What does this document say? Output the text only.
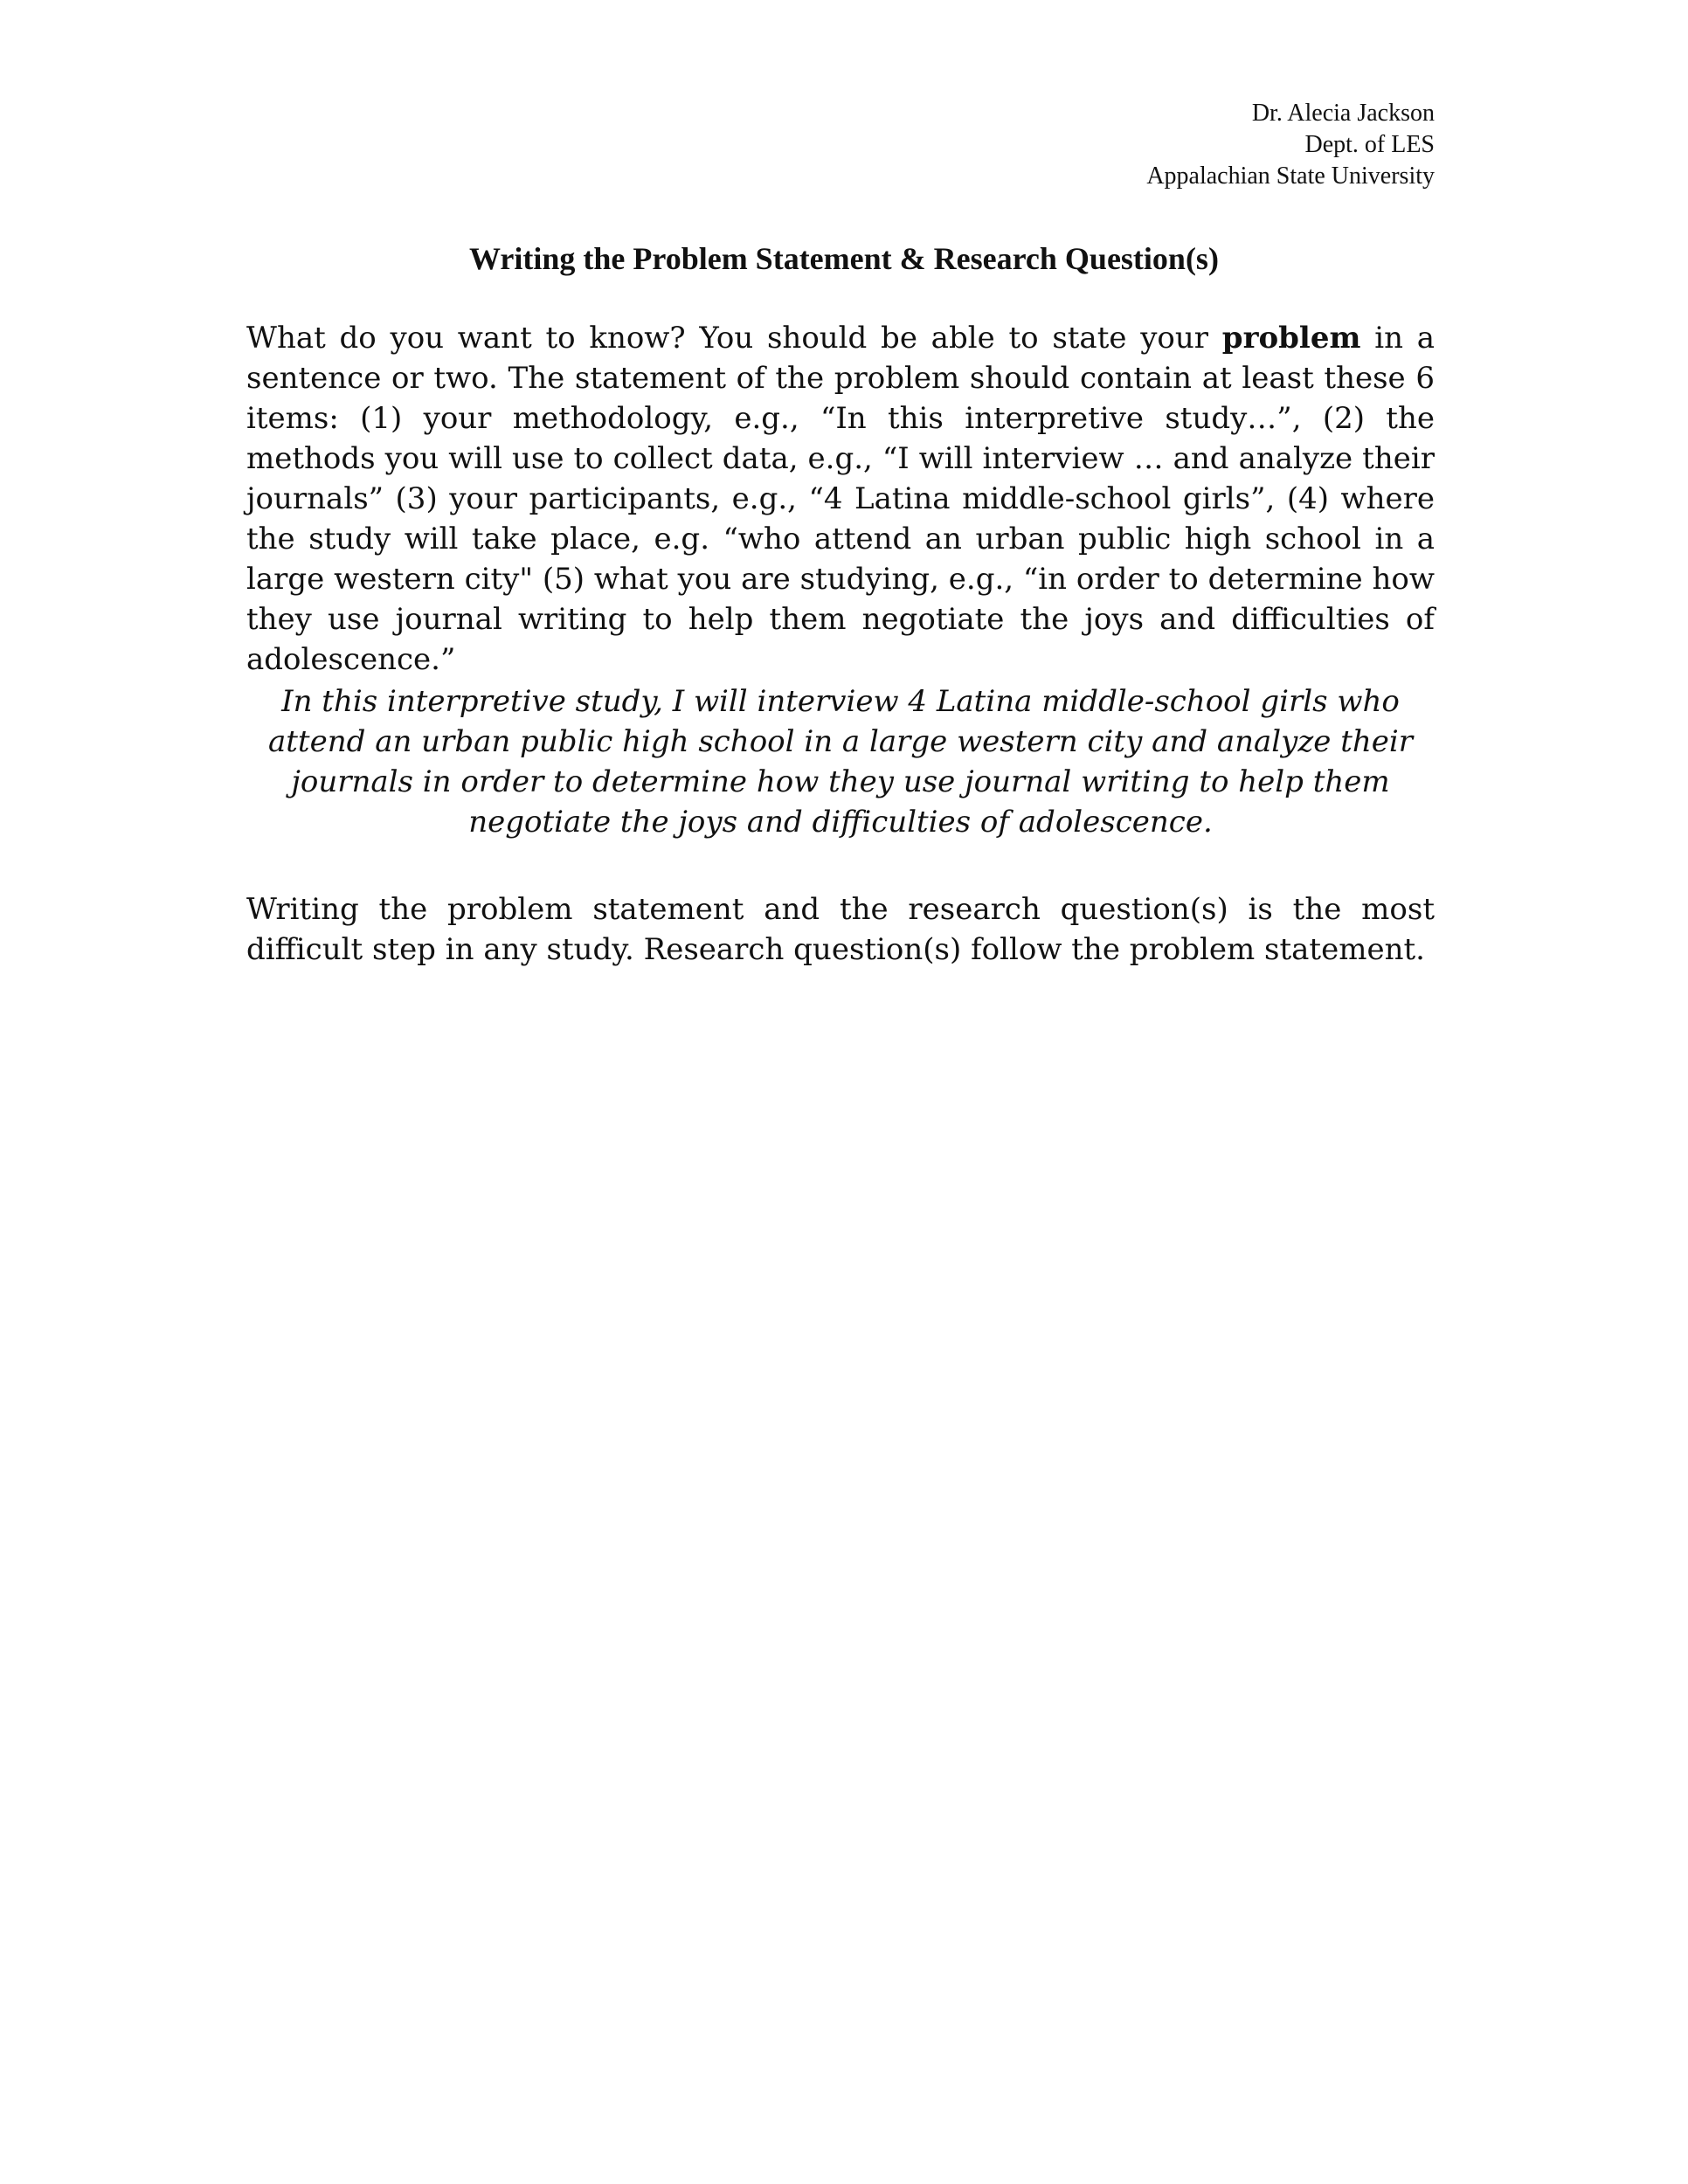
Dr. Alecia Jackson
Dept. of LES
Appalachian State University
Writing the Problem Statement & Research Question(s)

What do you want to know? You should be able to state your problem in a sentence or two. The statement of the problem should contain at least these 6 items: (1) your methodology, e.g., “In this interpretive study…”, (2) the methods you will use to collect data, e.g., “I will interview … and analyze their journals” (3) your participants, e.g., “4 Latina middle-school girls”, (4) where the study will take place, e.g. “who attend an urban public high school in a large western city" (5) what you are studying, e.g., “in order to determine how they use journal writing to help them negotiate the joys and difficulties of adolescence.”

In this interpretive study, I will interview 4 Latina middle-school girls who attend an urban public high school in a large western city and analyze their journals in order to determine how they use journal writing to help them negotiate the joys and difficulties of adolescence.

Writing the problem statement and the research question(s) is the most difficult step in any study. Research question(s) follow the problem statement.
